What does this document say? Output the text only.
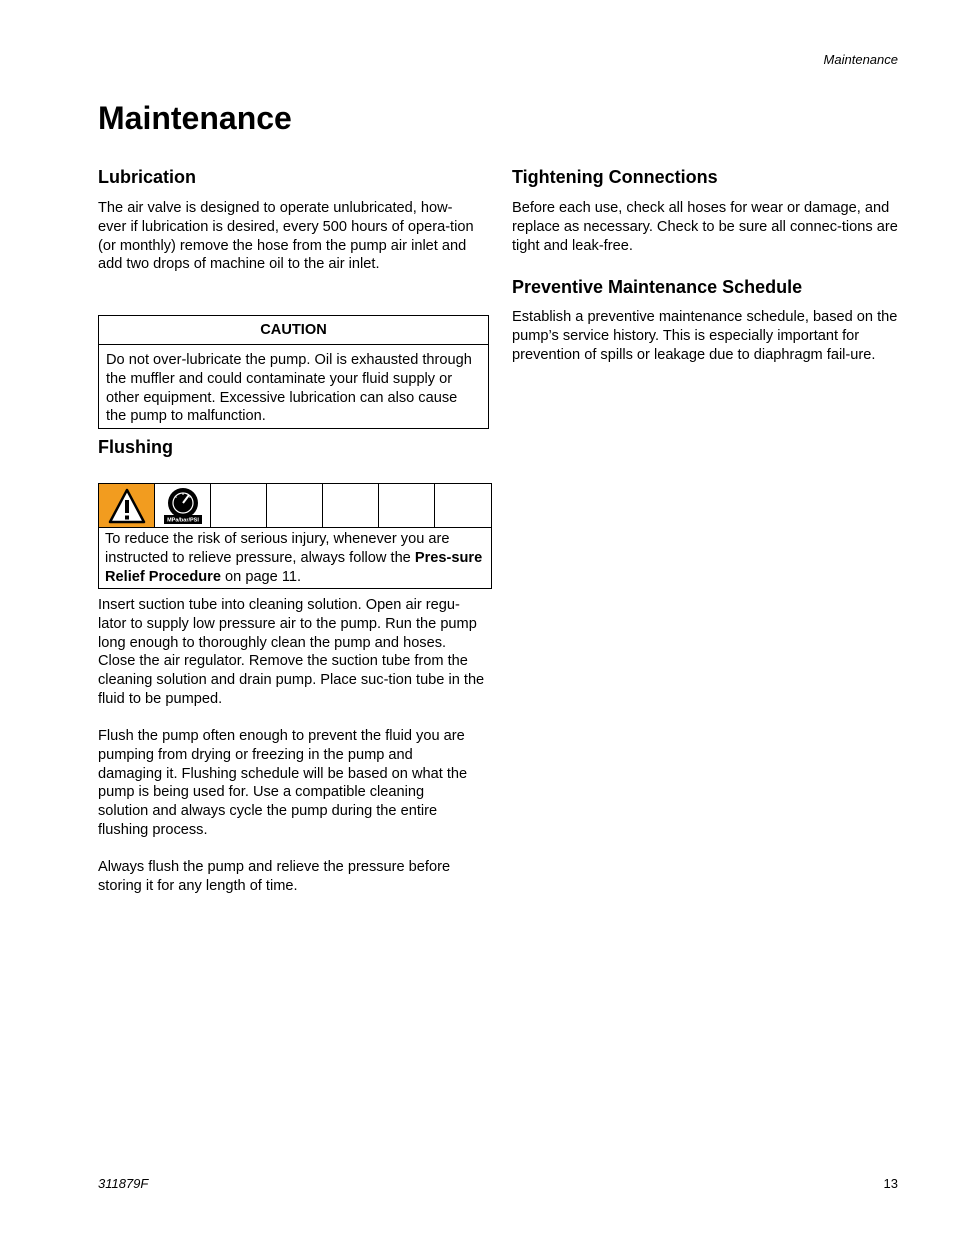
Maintenance
Maintenance
Lubrication

The air valve is designed to operate unlubricated, how-ever if lubrication is desired, every 500 hours of opera-tion (or monthly) remove the hose from the pump air inlet and add two drops of machine oil to the air inlet.

CAUTION
Do not over-lubricate the pump. Oil is exhausted through the muffler and could contaminate your fluid supply or other equipment. Excessive lubrication can also cause the pump to malfunction.
Flushing
MPa/bar/PSI
To reduce the risk of serious injury, whenever you are instructed to relieve pressure, always follow the Pres-sure Relief Procedure on page 11.

Insert suction tube into cleaning solution. Open air regu-lator to supply low pressure air to the pump. Run the pump long enough to thoroughly clean the pump and hoses. Close the air regulator. Remove the suction tube from the cleaning solution and drain pump. Place suc-tion tube in the fluid to be pumped.

Flush the pump often enough to prevent the fluid you are pumping from drying or freezing in the pump and damaging it. Flushing schedule will be based on what the pump is being used for. Use a compatible cleaning solution and always cycle the pump during the entire flushing process.

Always flush the pump and relieve the pressure before storing it for any length of time.

Tightening Connections

Before each use, check all hoses for wear or damage, and replace as necessary. Check to be sure all connec-tions are tight and leak-free.

Preventive Maintenance Schedule

Establish a preventive maintenance schedule, based on the pump’s service history. This is especially important for prevention of spills or leakage due to diaphragm fail-ure.

311879F	13
